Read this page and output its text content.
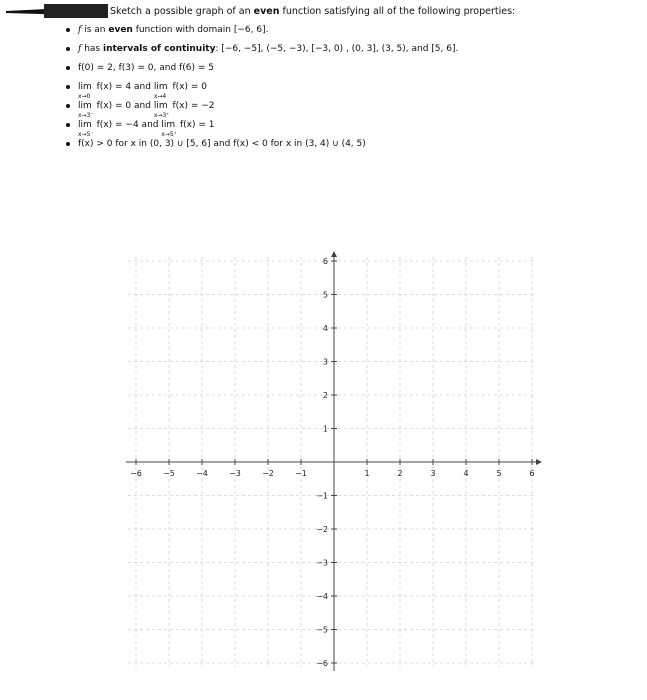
Sketch a possible graph of an even function satisfying all of the following properties:
f is an even function with domain [−6, 6].
f has intervals of continuity: [−6, −5], (−5, −3), [−3, 0) , (0, 3], (3, 5), and [5, 6].
f(0) = 2, f(3) = 0, and f(6) = 5
lim
x→0
f(x) = 4 and lim
x→4
f(x) = 0
lim
x→3⁻
f(x) = 0 and lim
x→3⁺
f(x) = −2
lim
x→5⁻
f(x) = −4 and lim
x→5⁺
f(x) = 1
f(x) > 0 for x in (0, 3) ∪ [5, 6] and f(x) < 0 for x in (3, 4) ∪ (4, 5)
−6	−5	−4	−3	−2	−1	1	2	3	4	5	6
−6
−5
−4
−3
−2
−1
1
2
3
4
5
6
